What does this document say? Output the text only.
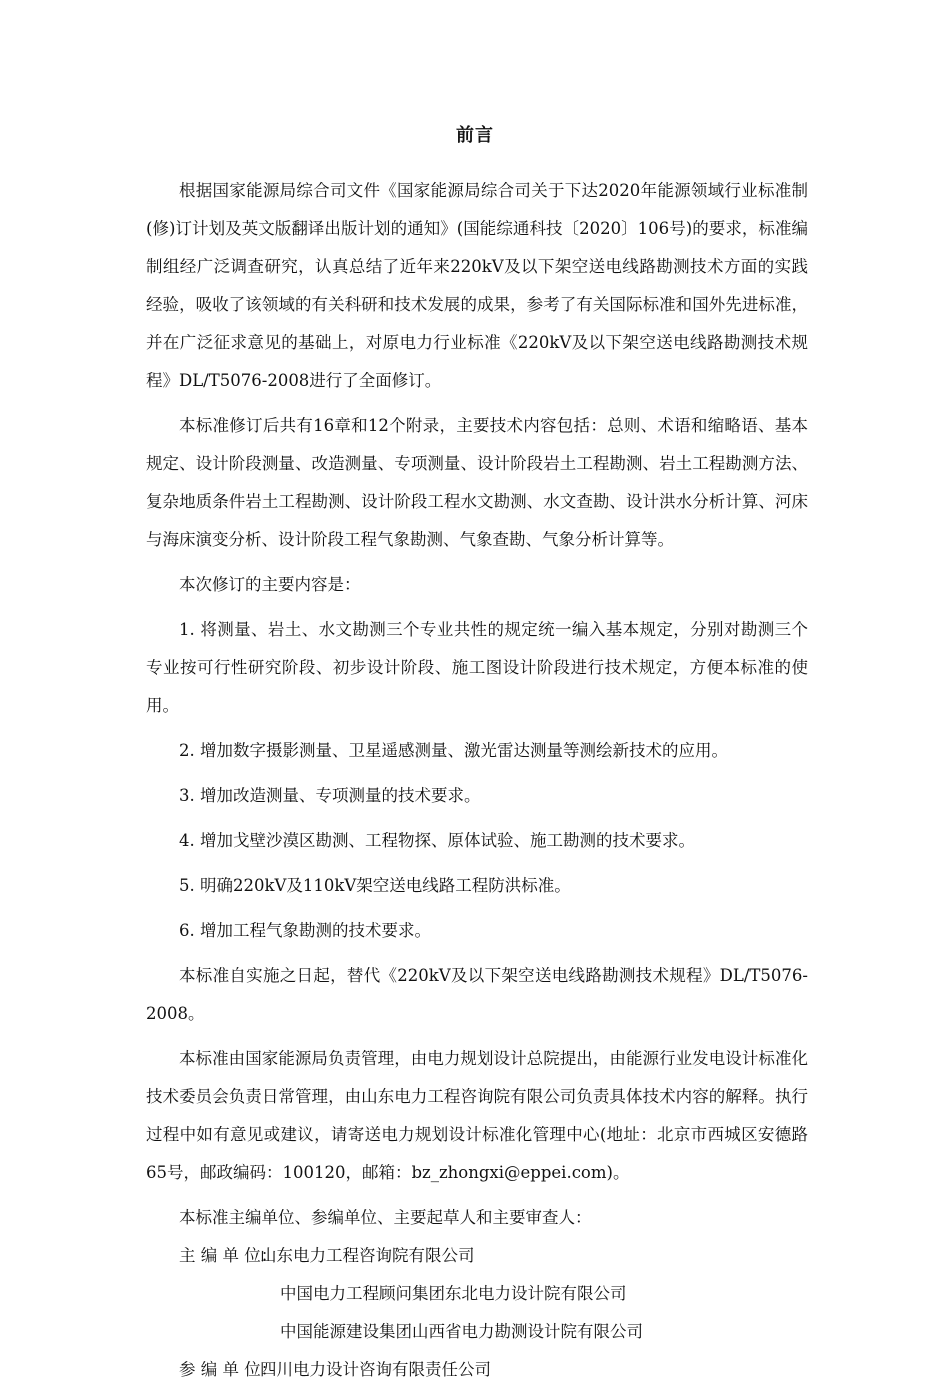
前言

根据国家能源局综合司文件《国家能源局综合司关于下达2020年能源领域行业标准制(修)订计划及英文版翻译出版计划的通知》(国能综通科技〔2020〕106号)的要求，标准编制组经广泛调查研究，认真总结了近年来220kV及以下架空送电线路勘测技术方面的实践经验，吸收了该领域的有关科研和技术发展的成果，参考了有关国际标准和国外先进标准，并在广泛征求意见的基础上，对原电力行业标准《220kV及以下架空送电线路勘测技术规程》DL/T5076-2008进行了全面修订。

本标准修订后共有16章和12个附录，主要技术内容包括：总则、术语和缩略语、基本规定、设计阶段测量、改造测量、专项测量、设计阶段岩土工程勘测、岩土工程勘测方法、复杂地质条件岩土工程勘测、设计阶段工程水文勘测、水文查勘、设计洪水分析计算、河床与海床演变分析、设计阶段工程气象勘测、气象查勘、气象分析计算等。

本次修订的主要内容是：

1. 将测量、岩土、水文勘测三个专业共性的规定统一编入基本规定，分别对勘测三个专业按可行性研究阶段、初步设计阶段、施工图设计阶段进行技术规定，方便本标准的使用。

2. 增加数字摄影测量、卫星遥感测量、激光雷达测量等测绘新技术的应用。

3. 增加改造测量、专项测量的技术要求。

4. 增加戈壁沙漠区勘测、工程物探、原体试验、施工勘测的技术要求。

5. 明确220kV及110kV架空送电线路工程防洪标准。

6. 增加工程气象勘测的技术要求。

本标准自实施之日起，替代《220kV及以下架空送电线路勘测技术规程》DL/T5076-2008。

本标准由国家能源局负责管理，由电力规划设计总院提出，由能源行业发电设计标准化技术委员会负责日常管理，由山东电力工程咨询院有限公司负责具体技术内容的解释。执行过程中如有意见或建议，请寄送电力规划设计标准化管理中心(地址：北京市西城区安德路65号，邮政编码：100120，邮箱：bz_zhongxi@eppei.com)。

本标准主编单位、参编单位、主要起草人和主要审查人：

主 编 单 位：
山东电力工程咨询院有限公司
中国电力工程顾问集团东北电力设计院有限公司
中国能源建设集团山西省电力勘测设计院有限公司
参 编 单 位：
四川电力设计咨询有限责任公司
